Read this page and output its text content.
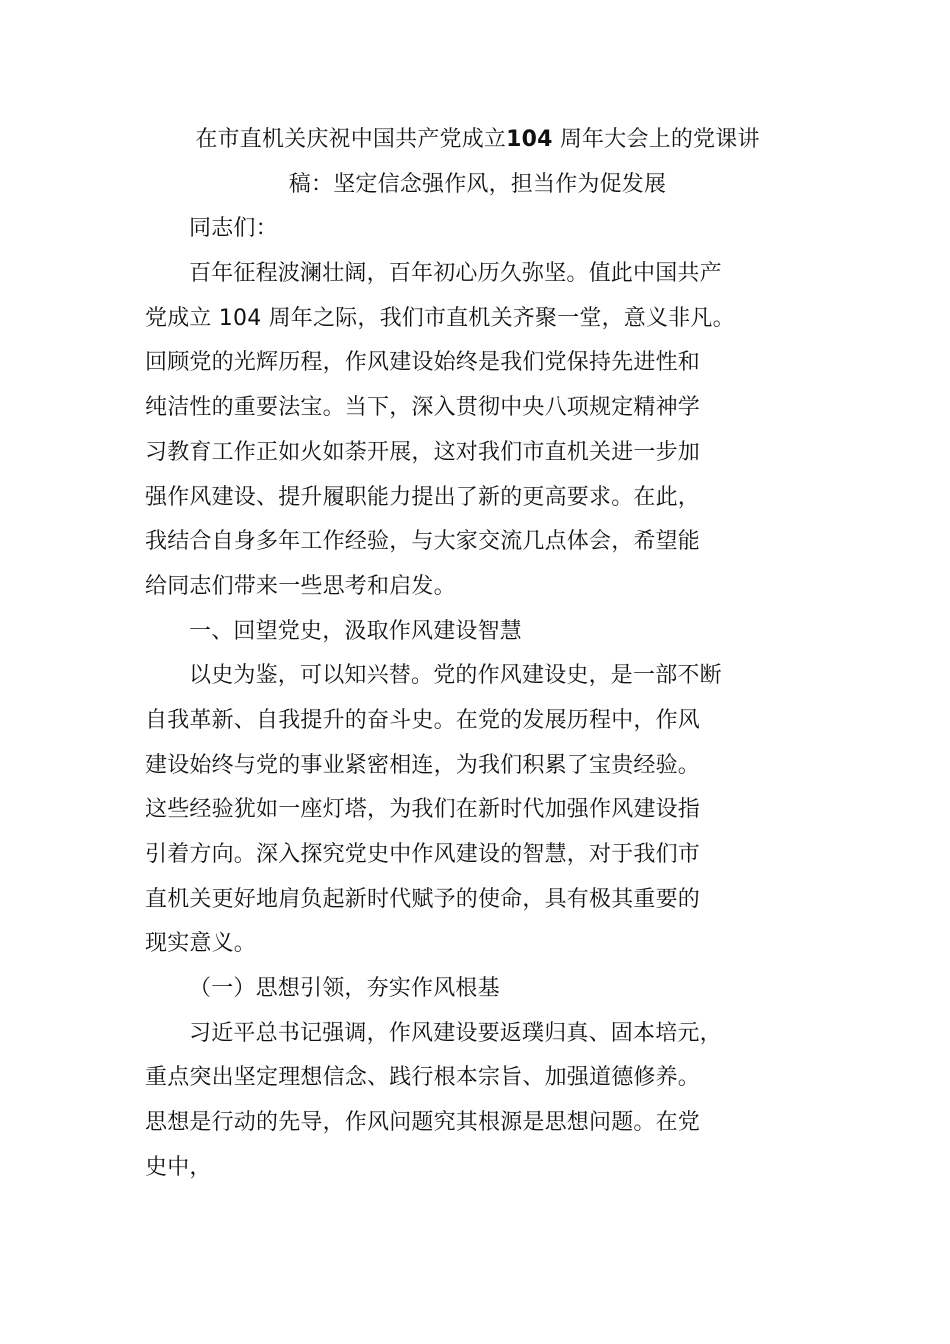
在市直机关庆祝中国共产党成立104 周年大会上的党课讲
稿：坚定信念强作风，担当作为促发展
同志们：
百年征程波澜壮阔，百年初心历久弥坚。值此中国共产
党成立 104 周年之际，我们市直机关齐聚一堂，意义非凡。
回顾党的光辉历程，作风建设始终是我们党保持先进性和
纯洁性的重要法宝。当下，深入贯彻中央八项规定精神学
习教育工作正如火如荼开展，这对我们市直机关进一步加
强作风建设、提升履职能力提出了新的更高要求。在此，
我结合自身多年工作经验，与大家交流几点体会，希望能
给同志们带来一些思考和启发。
一、回望党史，汲取作风建设智慧
以史为鉴，可以知兴替。党的作风建设史，是一部不断
自我革新、自我提升的奋斗史。在党的发展历程中，作风
建设始终与党的事业紧密相连，为我们积累了宝贵经验。
这些经验犹如一座灯塔，为我们在新时代加强作风建设指
引着方向。深入探究党史中作风建设的智慧，对于我们市
直机关更好地肩负起新时代赋予的使命，具有极其重要的
现实意义。
（一）思想引领，夯实作风根基
习近平总书记强调，作风建设要返璞归真、固本培元，
重点突出坚定理想信念、践行根本宗旨、加强道德修养。
思想是行动的先导，作风问题究其根源是思想问题。在党
史中，
